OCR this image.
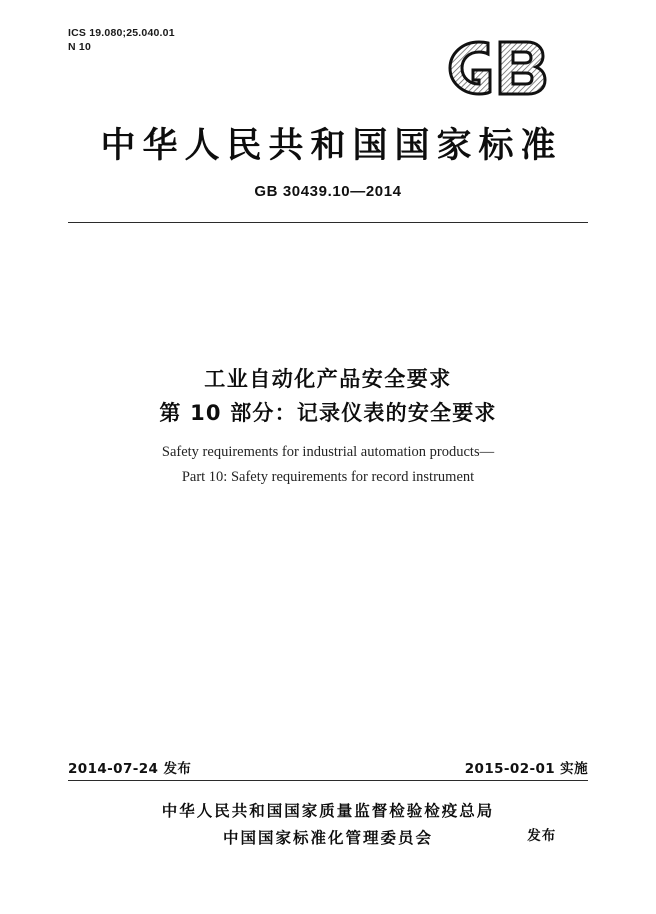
ICS 19.080;25.040.01
N 10
中华人民共和国国家标准
GB 30439.10—2014
工业自动化产品安全要求
第 10 部分：记录仪表的安全要求
Safety requirements for industrial automation products—
Part 10: Safety requirements for record instrument
2014-07-24 发布	2015-02-01 实施
中华人民共和国国家质量监督检验检疫总局
中国国家标准化管理委员会	发布
